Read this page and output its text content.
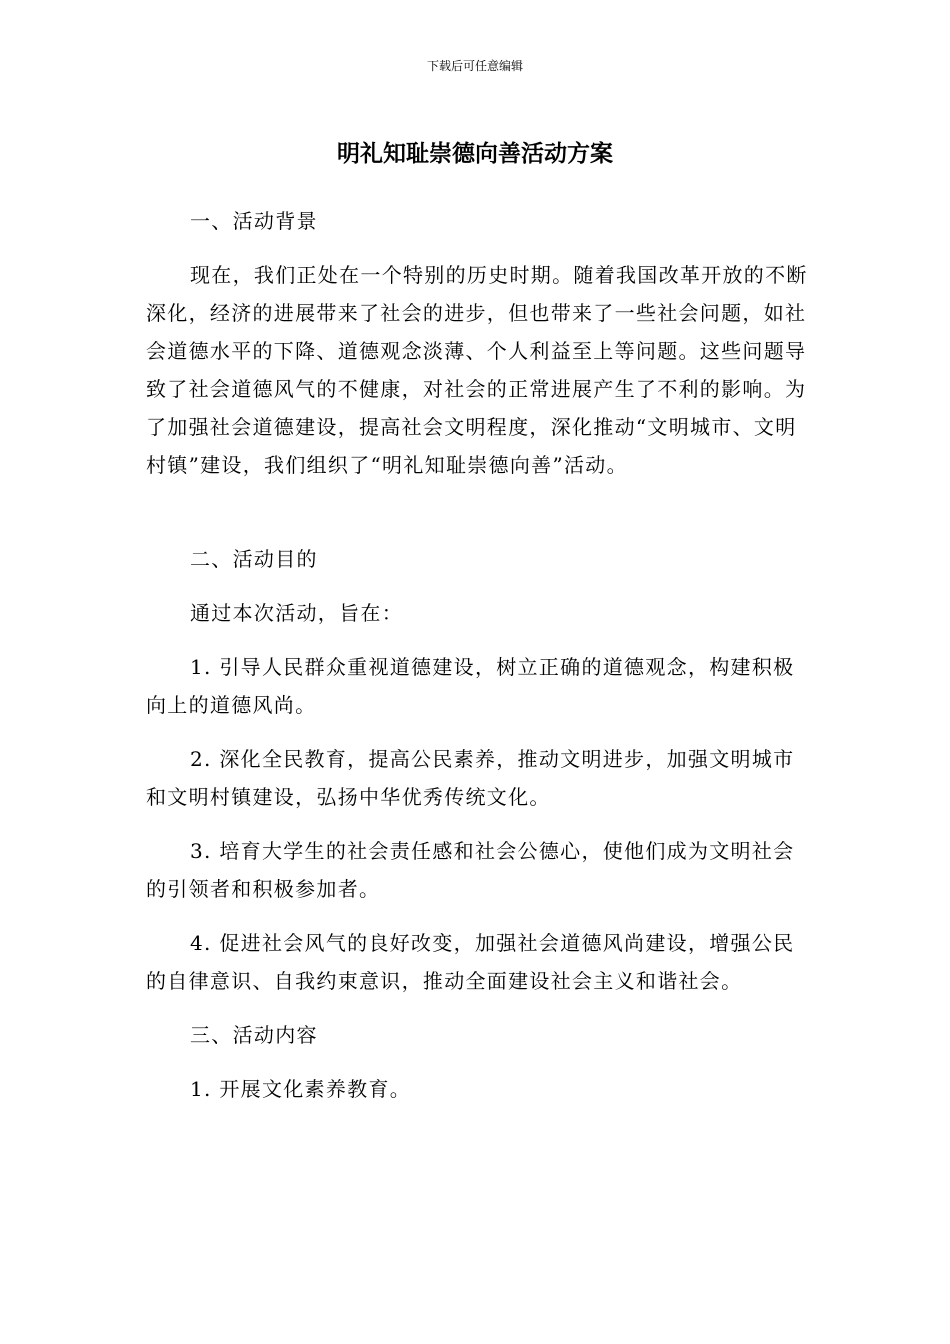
下载后可任意编辑
明礼知耻崇德向善活动方案

一、活动背景

现在，我们正处在一个特别的历史时期。随着我国改革开放的不断深化，经济的进展带来了社会的进步，但也带来了一些社会问题，如社会道德水平的下降、道德观念淡薄、个人利益至上等问题。这些问题导致了社会道德风气的不健康，对社会的正常进展产生了不利的影响。为了加强社会道德建设，提高社会文明程度，深化推动“文明城市、文明村镇”建设，我们组织了“明礼知耻崇德向善”活动。

二、活动目的

通过本次活动，旨在：

1. 引导人民群众重视道德建设，树立正确的道德观念，构建积极向上的道德风尚。

2. 深化全民教育，提高公民素养，推动文明进步，加强文明城市和文明村镇建设，弘扬中华优秀传统文化。

3. 培育大学生的社会责任感和社会公德心，使他们成为文明社会的引领者和积极参加者。

4. 促进社会风气的良好改变，加强社会道德风尚建设，增强公民的自律意识、自我约束意识，推动全面建设社会主义和谐社会。

三、活动内容

1. 开展文化素养教育。
